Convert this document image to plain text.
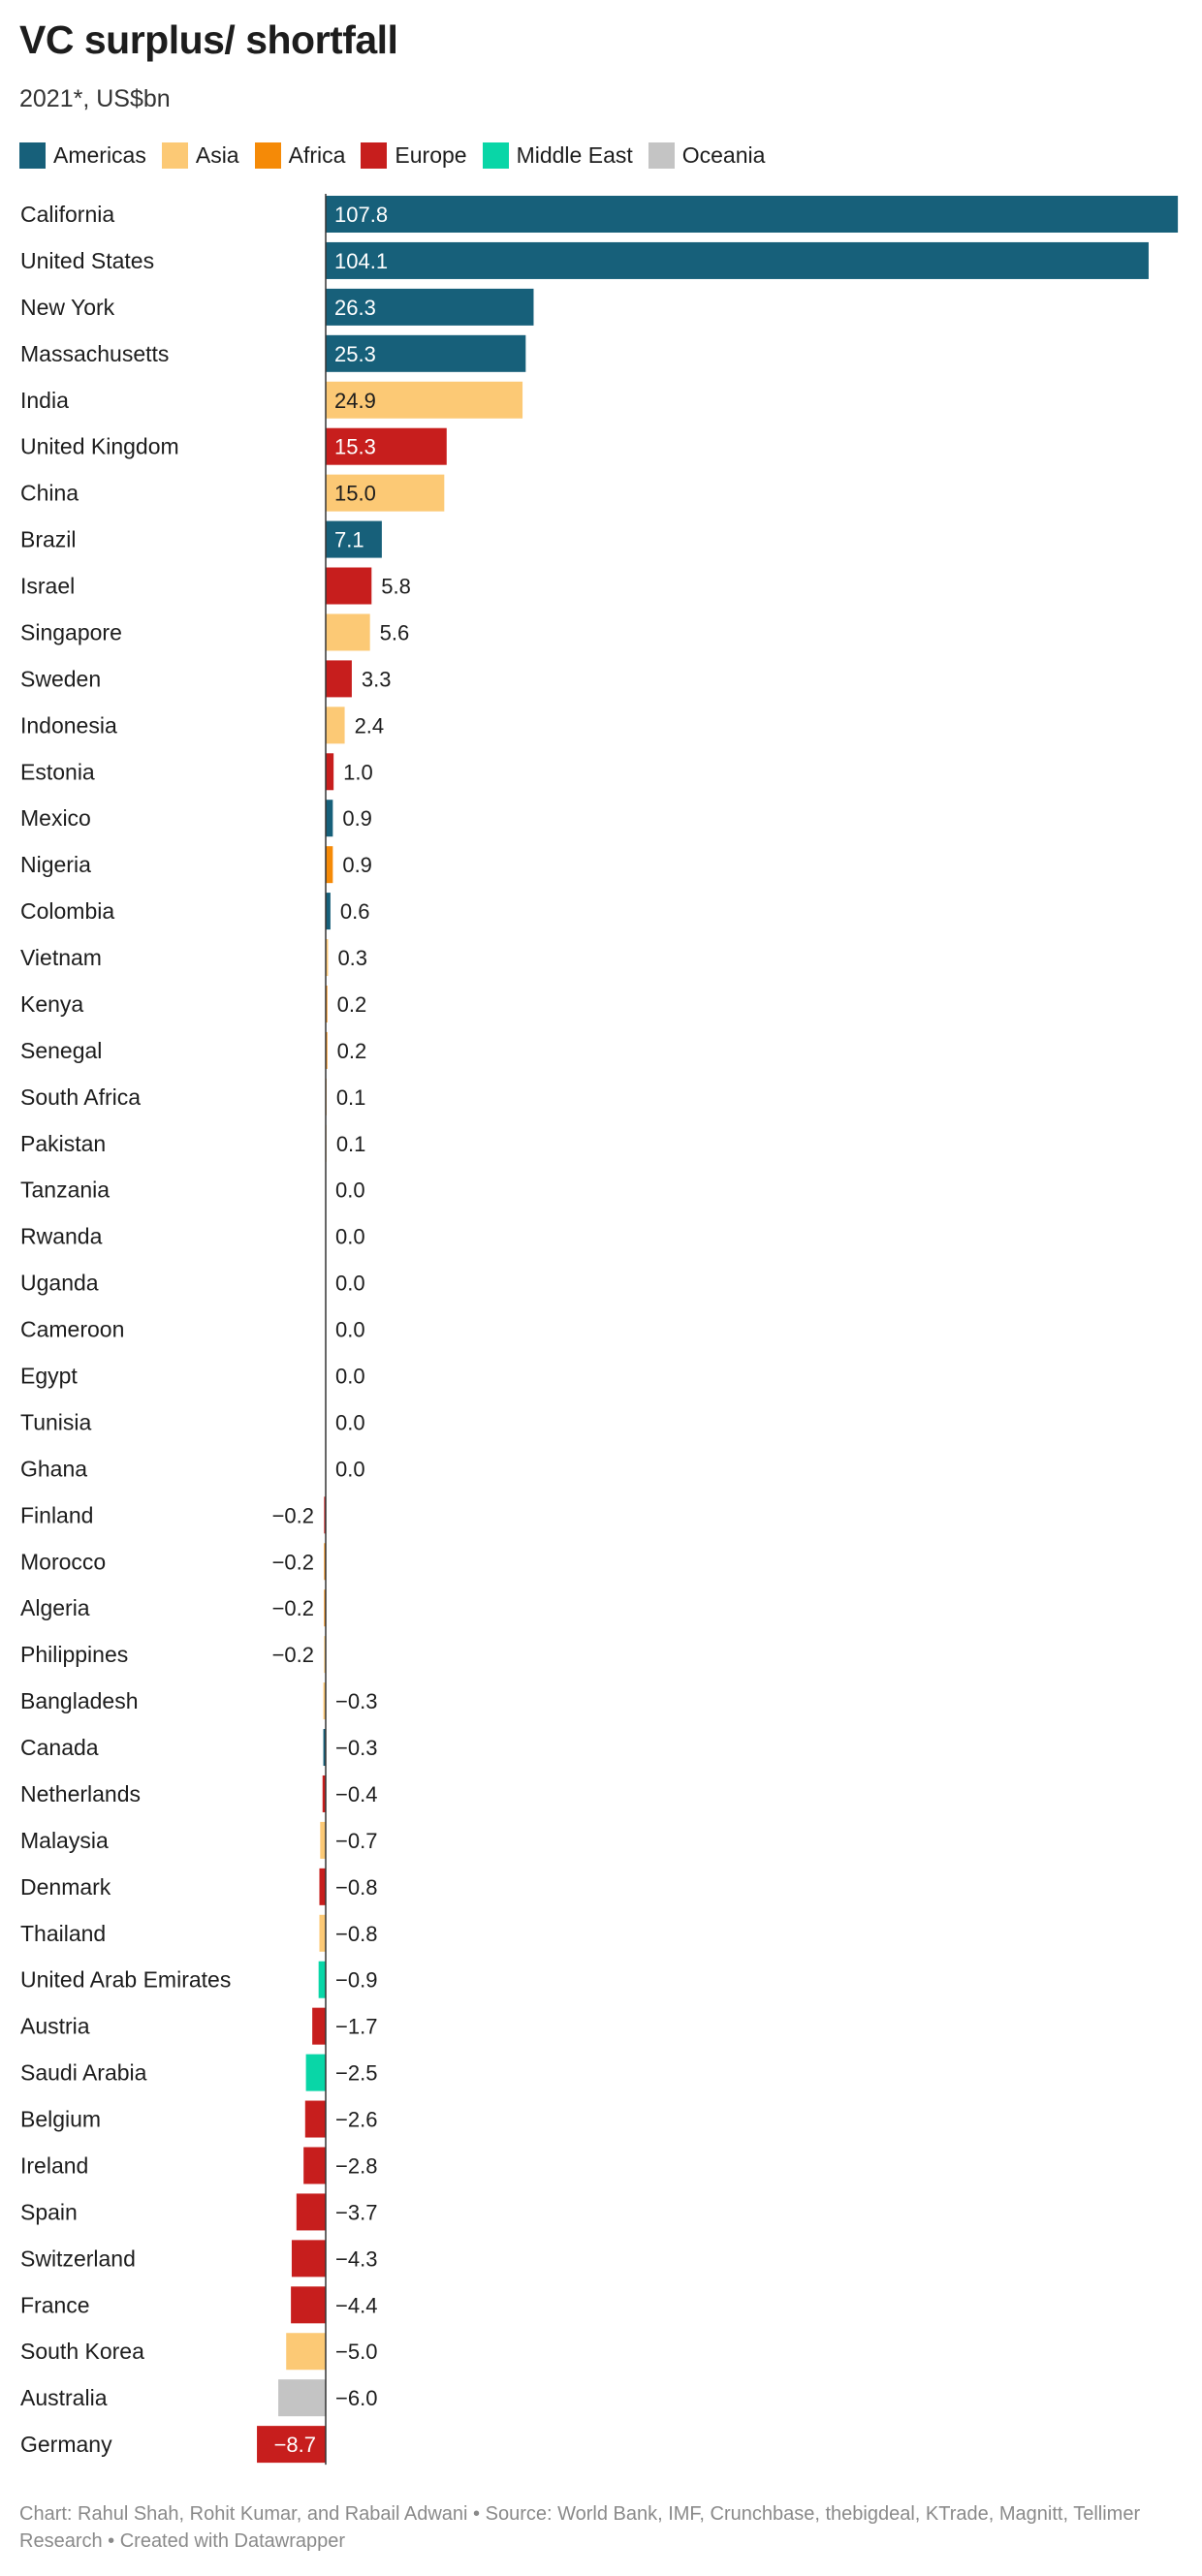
VC surplus/ shortfall
2021*, US$bn
Americas Asia Africa Europe Middle East Oceania
California	107.8
United States	104.1
New York	26.3
Massachusetts	25.3
India	24.9
United Kingdom	15.3
China	15.0
Brazil	7.1
Israel	5.8
Singapore	5.6
Sweden	3.3
Indonesia	2.4
Estonia	1.0
Mexico	0.9
Nigeria	0.9
Colombia	0.6
Vietnam	0.3
Kenya	0.2
Senegal	0.2
South Africa	0.1
Pakistan	0.1
Tanzania	0.0
Rwanda	0.0
Uganda	0.0
Cameroon	0.0
Egypt	0.0
Tunisia	0.0
Ghana	0.0
Finland	−0.2
Morocco	−0.2
Algeria	−0.2
Philippines	−0.2
Bangladesh	−0.3
Canada	−0.3
Netherlands	−0.4
Malaysia	−0.7
Denmark	−0.8
Thailand	−0.8
United Arab Emirates	−0.9
Austria	−1.7
Saudi Arabia	−2.5
Belgium	−2.6
Ireland	−2.8
Spain	−3.7
Switzerland	−4.3
France	−4.4
South Korea	−5.0
Australia	−6.0
Germany	−8.7
Chart: Rahul Shah, Rohit Kumar, and Rabail Adwani • Source: World Bank, IMF, Crunchbase, thebigdeal, KTrade, Magnitt, Tellimer Research • Created with Datawrapper
